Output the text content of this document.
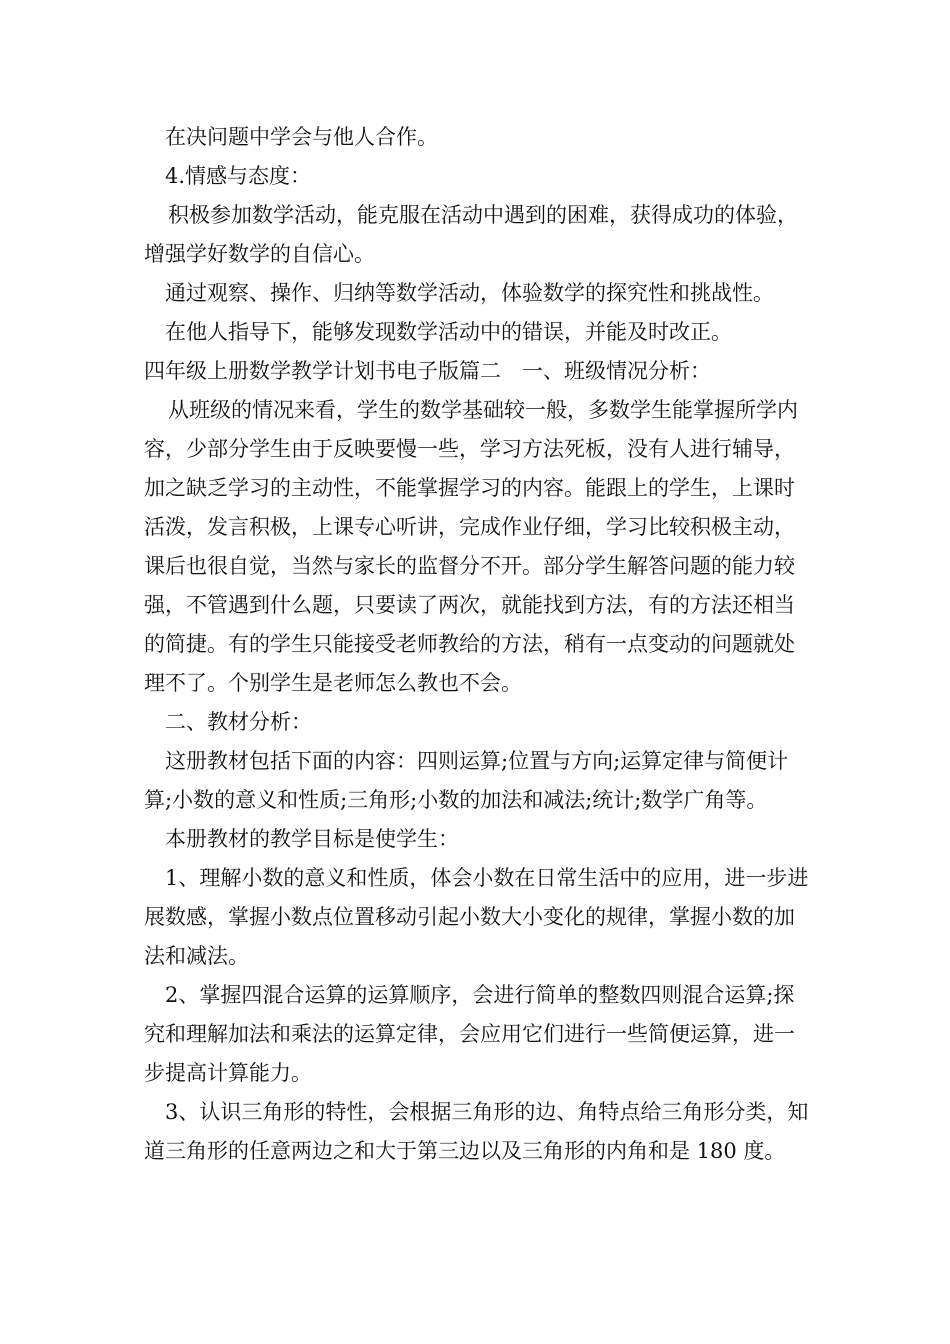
在决问题中学会与他人合作。

4.情感与态度：

积极参加数学活动，能克服在活动中遇到的困难，获得成功的体验，增强学好数学的自信心。

通过观察、操作、归纳等数学活动，体验数学的探究性和挑战性。

在他人指导下，能够发现数学活动中的错误，并能及时改正。

四年级上册数学教学计划书电子版篇二　一、班级情况分析：

从班级的情况来看，学生的数学基础较一般，多数学生能掌握所学内容，少部分学生由于反映要慢一些，学习方法死板，没有人进行辅导，加之缺乏学习的主动性，不能掌握学习的内容。能跟上的学生，上课时活泼，发言积极，上课专心听讲，完成作业仔细，学习比较积极主动，课后也很自觉，当然与家长的监督分不开。部分学生解答问题的能力较强，不管遇到什么题，只要读了两次，就能找到方法，有的方法还相当的简捷。有的学生只能接受老师教给的方法，稍有一点变动的问题就处理不了。个别学生是老师怎么教也不会。

二、教材分析：

这册教材包括下面的内容：四则运算;位置与方向;运算定律与简便计算;小数的意义和性质;三角形;小数的加法和减法;统计;数学广角等。

本册教材的教学目标是使学生：

1、理解小数的意义和性质，体会小数在日常生活中的应用，进一步进展数感，掌握小数点位置移动引起小数大小变化的规律，掌握小数的加法和减法。

2、掌握四混合运算的运算顺序，会进行简单的整数四则混合运算;探究和理解加法和乘法的运算定律，会应用它们进行一些简便运算，进一步提高计算能力。

3、认识三角形的特性，会根据三角形的边、角特点给三角形分类，知道三角形的任意两边之和大于第三边以及三角形的内角和是 180 度。
